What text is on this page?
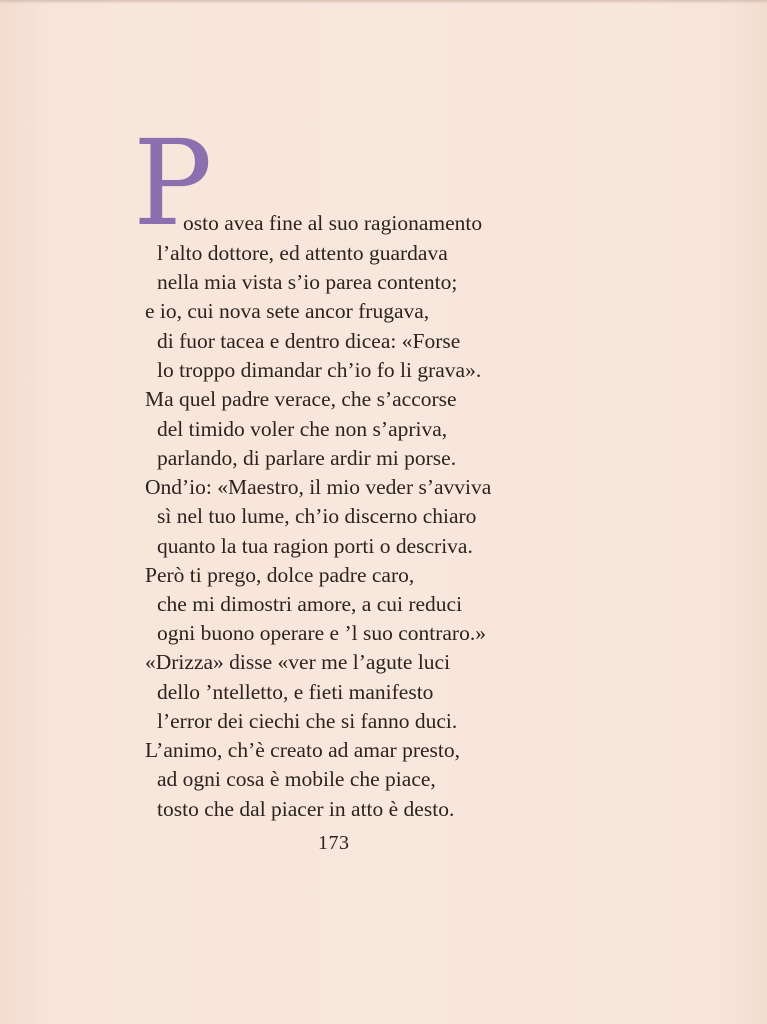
P
osto avea fine al suo ragionamento
l’alto dottore, ed attento guardava
nella mia vista s’io parea contento;
e io, cui nova sete ancor frugava,
di fuor tacea e dentro dicea: «Forse
lo troppo dimandar ch’io fo li grava».
Ma quel padre verace, che s’accorse
del timido voler che non s’apriva,
parlando, di parlare ardir mi porse.
Ond’io: «Maestro, il mio veder s’avviva
sì nel tuo lume, ch’io discerno chiaro
quanto la tua ragion porti o descriva.
Però ti prego, dolce padre caro,
che mi dimostri amore, a cui reduci
ogni buono operare e ’l suo contraro.»
«Drizza» disse «ver me l’agute luci
dello ’ntelletto, e fieti manifesto
l’error dei ciechi che si fanno duci.
L’animo, ch’è creato ad amar presto,
ad ogni cosa è mobile che piace,
tosto che dal piacer in atto è desto.
173
